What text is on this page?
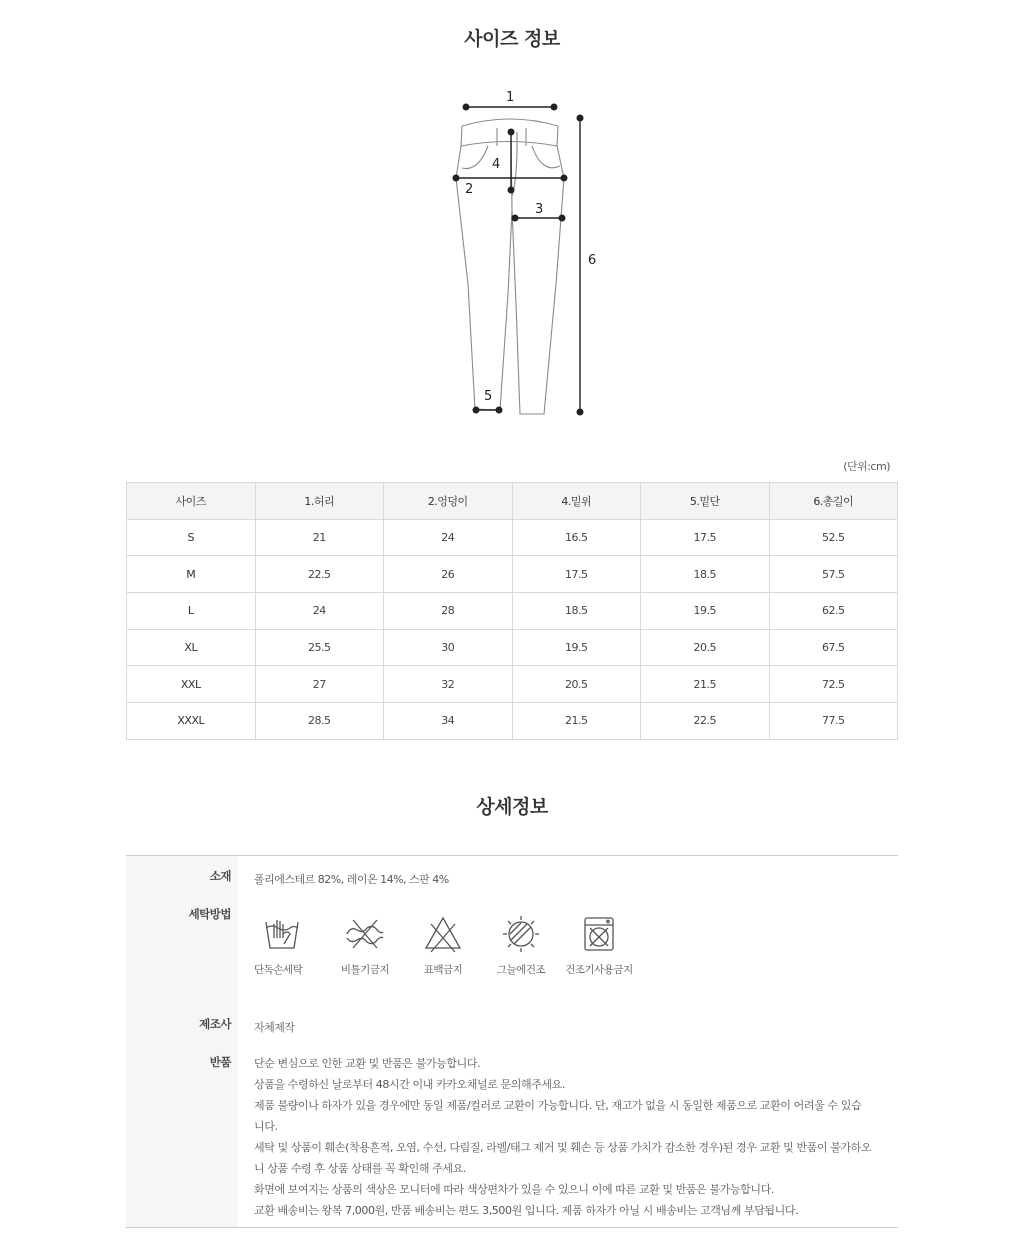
사이즈 정보
1
2
3
4
5
6
(단위:cm)
사이즈	1.허리	2.엉덩이	4.밑위	5.밑단	6.총길이
S	21	24	16.5	17.5	52.5
M	22.5	26	17.5	18.5	57.5
L	24	28	18.5	19.5	62.5
XL	25.5	30	19.5	20.5	67.5
XXL	27	32	20.5	21.5	72.5
XXXL	28.5	34	21.5	22.5	77.5
상세정보
소재 폴리에스테르 82%, 레이온 14%, 스판 4%
세탁방법
단독손세탁	비틀기금지	표백금지	그늘에건조 건조기사용금지
제조사 자체제작
반품 단순 변심으로 인한 교환 및 반품은 불가능합니다.
상품을 수령하신 날로부터 48시간 이내 카카오채널로 문의해주세요.
제품 불량이나 하자가 있을 경우에만 동일 제품/컬러로 교환이 가능합니다. 단, 재고가 없을 시 동일한 제품으로 교환이 어려울 수 있습
니다.
세탁 및 상품이 훼손(착용흔적, 오염, 수선, 다림질, 라벨/태그 제거 및 훼손 등 상품 가치가 감소한 경우)된 경우 교환 및 반품이 불가하오
니 상품 수령 후 상품 상태를 꼭 확인해 주세요.
화면에 보여지는 상품의 색상은 모니터에 따라 색상편차가 있을 수 있으니 이에 따른 교환 및 반품은 불가능합니다.
교환 배송비는 왕복 7,000원, 반품 배송비는 편도 3,500원 입니다. 제품 하자가 아닐 시 배송비는 고객님께 부담됩니다.
